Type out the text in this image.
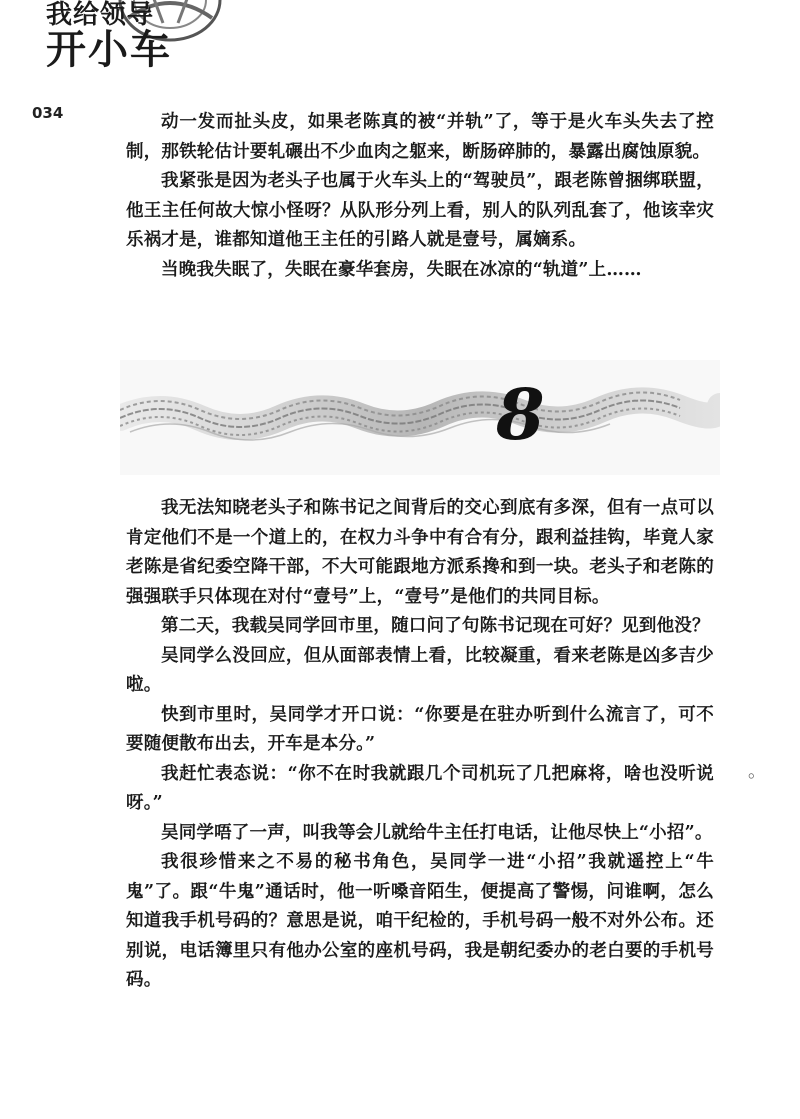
我给领导
开小车
034	动一发而扯头皮，如果老陈真的被“并轨”了，等于是火车头失去了控制，那铁轮估计要轧碾出不少血肉之躯来，断肠碎肺的，暴露出腐蚀原貌。

我紧张是因为老头子也属于火车头上的“驾驶员”，跟老陈曾捆绑联盟，他王主任何故大惊小怪呀？从队形分列上看，别人的队列乱套了，他该幸灾乐祸才是，谁都知道他王主任的引路人就是壹号，属嫡系。

当晚我失眠了，失眠在豪华套房，失眠在冰凉的“轨道”上……

8

我无法知晓老头子和陈书记之间背后的交心到底有多深，但有一点可以肯定他们不是一个道上的，在权力斗争中有合有分，跟利益挂钩，毕竟人家老陈是省纪委空降干部，不大可能跟地方派系搀和到一块。老头子和老陈的强强联手只体现在对付“壹号”上，“壹号”是他们的共同目标。

第二天，我载吴同学回市里，随口问了句陈书记现在可好？见到他没？

吴同学么没回应，但从面部表情上看，比较凝重，看来老陈是凶多吉少啦。

快到市里时，吴同学才开口说：“你要是在驻办听到什么流言了，可不要随便散布出去，开车是本分。”

我赶忙表态说：“你不在时我就跟几个司机玩了几把麻将，啥也没听说呀。”

吴同学唔了一声，叫我等会儿就给牛主任打电话，让他尽快上“小招”。

我很珍惜来之不易的秘书角色，吴同学一进“小招”我就遥控上“牛鬼”了。跟“牛鬼”通话时，他一听嗓音陌生，便提高了警惕，问谁啊，怎么知道我手机号码的？意思是说，咱干纪检的，手机号码一般不对外公布。还别说，电话簿里只有他办公室的座机号码，我是朝纪委办的老白要的手机号码。

。
